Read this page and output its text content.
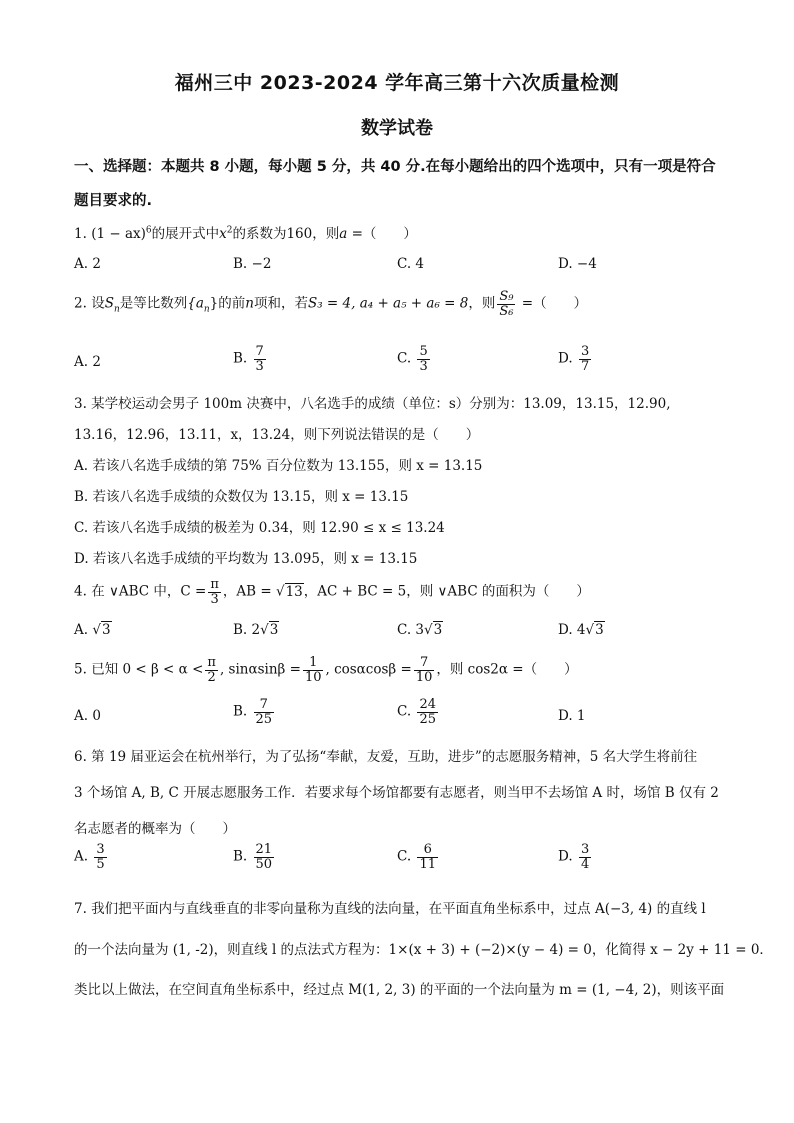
福州三中 2023-2024 学年高三第十六次质量检测
数学试卷
一、选择题：本题共 8 小题，每小题 5 分，共 40 分.在每小题给出的四个选项中，只有一项是符合题目要求的.
1. (1 − ax)$^6$的展开式中$x^2$的系数为160，则a =（　　）
A. 2	B. −2	C. 4	D. −4
2. 设$S_n$是等比数列$\{a_n\}$的前n项和，若S₃ = 4, a₄ + a₅ + a₆ = 8，则 $\frac{\text{S₉}}{\text{S₆}}$ =（　　）
A. 2	B. $\frac{7}{3}$	C. $\frac{5}{3}$	D. $\frac{3}{7}$
3. 某学校运动会男子 100m 决赛中，八名选手的成绩（单位：s）分别为：13.09，13.15，12.90,
13.16，12.96，13.11，x，13.24，则下列说法错误的是（　　）
A. 若该八名选手成绩的第 75% 百分位数为 13.155，则 x = 13.15
B. 若该八名选手成绩的众数仅为 13.15，则 x = 13.15
C. 若该八名选手成绩的极差为 0.34，则 12.90 ≤ x ≤ 13.24
D. 若该八名选手成绩的平均数为 13.095，则 x = 13.15
4. 在 ∨ABC 中，$C = \frac{\pi}{3}$ ，AB = √13，AC + BC = 5，则 ∨ABC 的面积为（　　）
A. √3	B. 2√3	C. 3√3	D. 4√3
5. 已知 $0 < \beta < \alpha < \frac{\pi}{2}$ , $\sin\alpha\sin\beta = \frac{1}{10}$ , $\cos\alpha\cos\beta = \frac{7}{10}$ ，则 cos2α =（　　）
A. 0	B. $\frac{7}{25}$	C. $\frac{24}{25}$	D. 1
6. 第 19 届亚运会在杭州举行，为了弘扬“奉献，友爱，互助，进步”的志愿服务精神，5 名大学生将前往
3 个场馆 A, B, C 开展志愿服务工作．若要求每个场馆都要有志愿者，则当甲不去场馆 A 时，场馆 B 仅有 2
名志愿者的概率为（　　）
A. $\frac{3}{5}$	B. $\frac{21}{50}$	C. $\frac{6}{11}$	D. $\frac{3}{4}$
7. 我们把平面内与直线垂直的非零向量称为直线的法向量，在平面直角坐标系中，过点 A(−3, 4) 的直线 l
的一个法向量为 (1, -2)，则直线 l 的点法式方程为：1×(x + 3) + (−2)×(y − 4) = 0，化简得 x − 2y + 11 = 0．
类比以上做法，在空间直角坐标系中，经过点 M(1, 2, 3) 的平面的一个法向量为 m = (1, −4, 2)，则该平面
